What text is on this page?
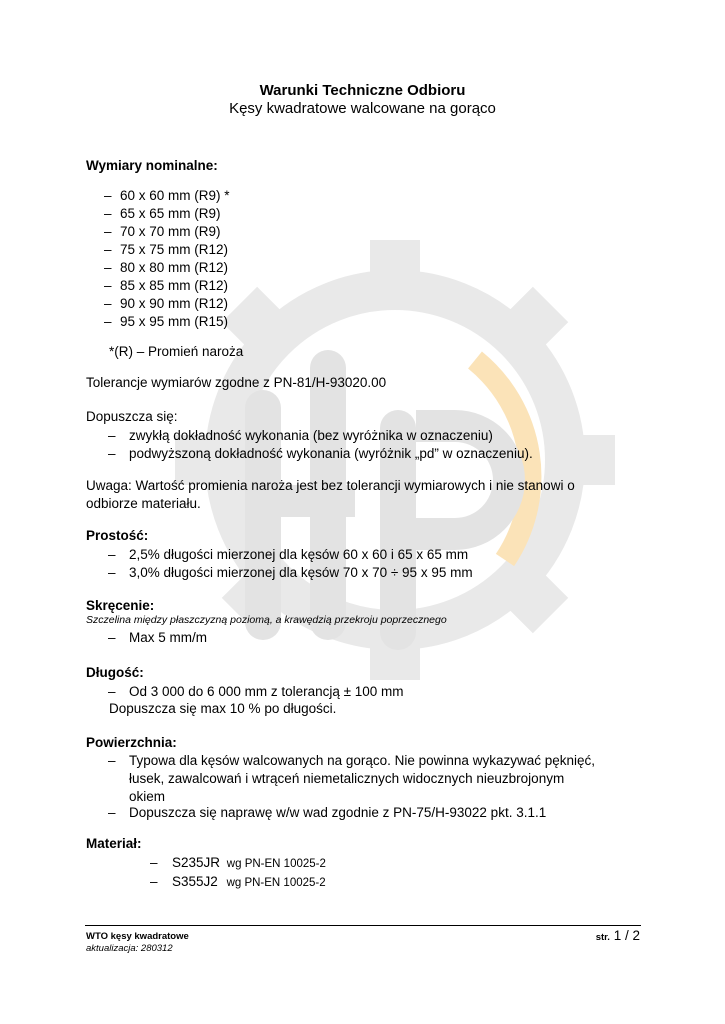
Warunki Techniczne Odbioru
Kęsy kwadratowe walcowane na gorąco
Wymiary nominalne:
– 60 x 60 mm (R9) *
– 65 x 65 mm (R9)
– 70 x 70 mm (R9)
– 75 x 75 mm (R12)
– 80 x 80 mm (R12)
– 85 x 85 mm (R12)
– 90 x 90 mm (R12)
– 95 x 95 mm (R15)
*(R) – Promień naroża
Tolerancje wymiarów zgodne z PN-81/H-93020.00
Dopuszcza się:
– zwykłą dokładność wykonania (bez wyróżnika w oznaczeniu)
– podwyższoną dokładność wykonania (wyróżnik „pd” w oznaczeniu).
Uwaga: Wartość promienia naroża jest bez tolerancji wymiarowych i nie stanowi o
odbiorze materiału.
Prostość:
– 2,5% długości mierzonej dla kęsów 60 x 60 i 65 x 65 mm
– 3,0% długości mierzonej dla kęsów 70 x 70 ÷ 95 x 95 mm
Skręcenie:
Szczelina między płaszczyzną poziomą, a krawędzią przekroju poprzecznego
– Max 5 mm/m
Długość:
– Od 3 000 do 6 000 mm z tolerancją ± 100 mm
Dopuszcza się max 10 % po długości.
Powierzchnia:
– Typowa dla kęsów walcowanych na gorąco. Nie powinna wykazywać pęknięć,
łusek, zawalcowań i wtrąceń niemetalicznych widocznych nieuzbrojonym
okiem
– Dopuszcza się naprawę w/w wad zgodnie z PN-75/H-93022 pkt. 3.1.1
Materiał:
– S235JR wg PN-EN 10025-2
– S355J2 wg PN-EN 10025-2
WTO kęsy kwadratowe
aktualizacja: 280312
str. 1 / 2
